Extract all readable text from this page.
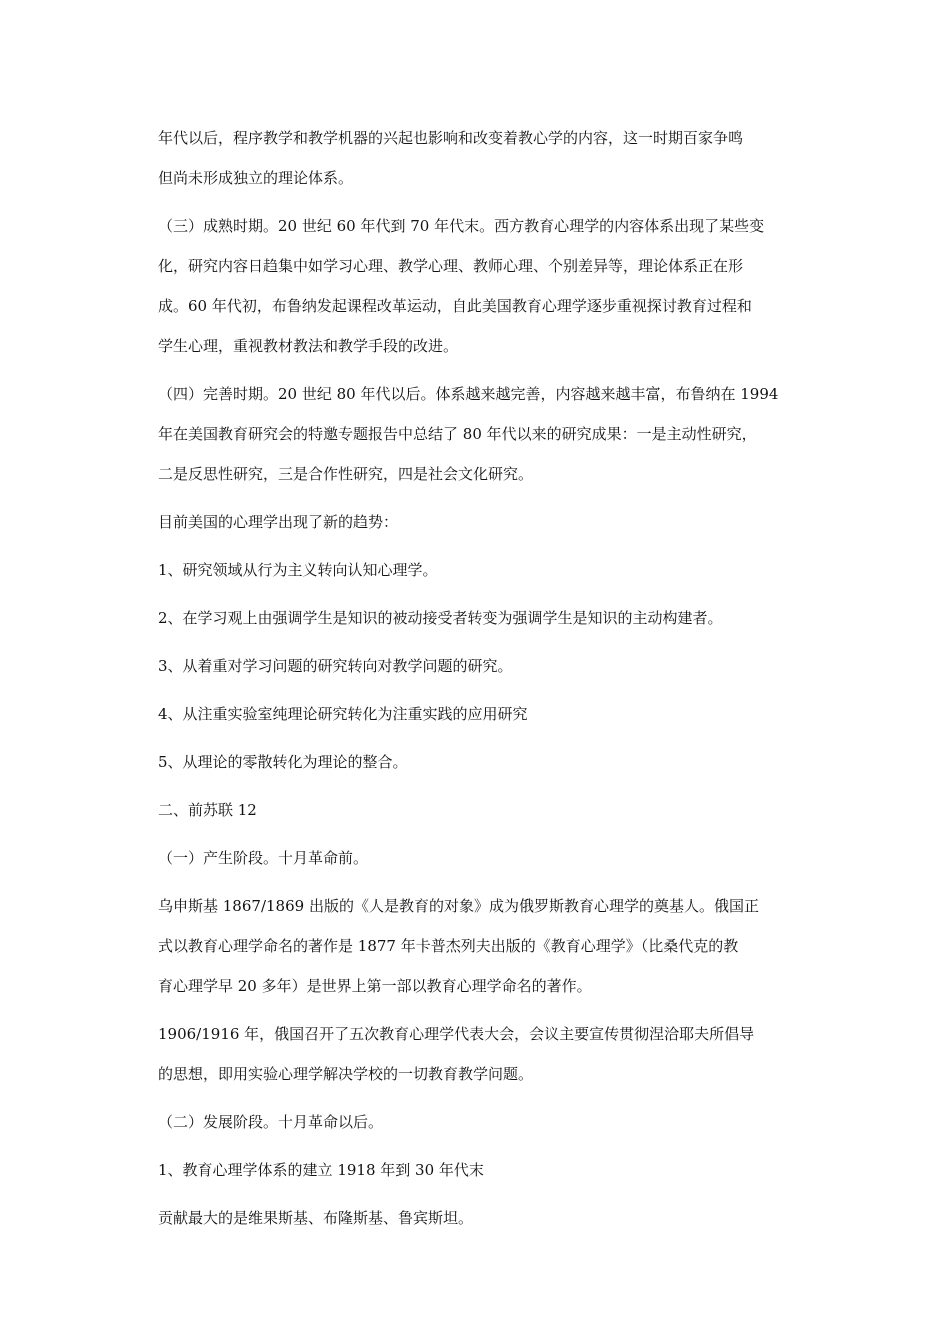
年代以后，程序教学和教学机器的兴起也影响和改变着教心学的内容，这一时期百家争鸣
但尚未形成独立的理论体系。
（三）成熟时期。20 世纪 60 年代到 70 年代末。西方教育心理学的内容体系出现了某些变
化，研究内容日趋集中如学习心理、教学心理、教师心理、个别差异等，理论体系正在形
成。60 年代初，布鲁纳发起课程改革运动，自此美国教育心理学逐步重视探讨教育过程和
学生心理，重视教材教法和教学手段的改进。
（四）完善时期。20 世纪 80 年代以后。体系越来越完善，内容越来越丰富，布鲁纳在 1994
年在美国教育研究会的特邀专题报告中总结了 80 年代以来的研究成果：一是主动性研究，
二是反思性研究，三是合作性研究，四是社会文化研究。
目前美国的心理学出现了新的趋势：
1、研究领域从行为主义转向认知心理学。
2、在学习观上由强调学生是知识的被动接受者转变为强调学生是知识的主动构建者。
3、从着重对学习问题的研究转向对教学问题的研究。
4、从注重实验室纯理论研究转化为注重实践的应用研究
5、从理论的零散转化为理论的整合。
二、前苏联 12
（一）产生阶段。十月革命前。
乌申斯基 1867/1869 出版的《人是教育的对象》成为俄罗斯教育心理学的奠基人。俄国正
式以教育心理学命名的著作是 1877 年卡普杰列夫出版的《教育心理学》（比桑代克的教
育心理学早 20 多年）是世界上第一部以教育心理学命名的著作。
1906/1916 年，俄国召开了五次教育心理学代表大会，会议主要宣传贯彻涅洽耶夫所倡导
的思想，即用实验心理学解决学校的一切教育教学问题。
（二）发展阶段。十月革命以后。
1、教育心理学体系的建立 1918 年到 30 年代末
贡献最大的是维果斯基、布隆斯基、鲁宾斯坦。
